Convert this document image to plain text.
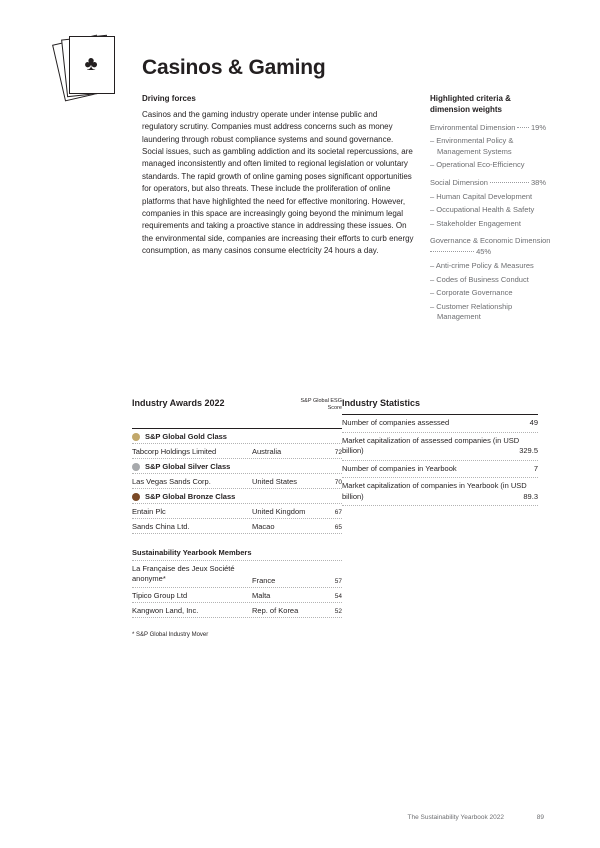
♣	Casinos & Gaming
Driving forces

Casinos and the gaming industry operate under intense public and regulatory scrutiny. Companies must address concerns such as money laundering through robust compliance systems and sound governance. Social issues, such as gambling addiction and its societal repercussions, are managed inconsistently and often limited to regional legislation or voluntary standards. The rapid growth of online gaming poses significant opportunities for operators, but also threats. These include the proliferation of online platforms that have highlighted the need for effective monitoring. However, companies in this space are increasingly going beyond the minimum legal requirements and taking a proactive stance in addressing these issues. On the environmental side, companies are increasing their efforts to curb energy consumption, as many casinos consume electricity 24 hours a day.

Highlighted criteria & dimension weights
Environmental Dimension 19%
– Environmental Policy & Management Systems
– Operational Eco-Efficiency
Social Dimension	38%
– Human Capital Development
– Occupational Health & Safety
– Stakeholder Engagement
Governance & Economic Dimension  45%
– Anti-crime Policy & Measures
– Codes of Business Conduct
– Corporate Governance
– Customer Relationship Management
Industry Awards 2022	S&P Global ESG Score
S&P Global Gold Class
Tabcorp Holdings Limited	Australia	72
S&P Global Silver Class
Las Vegas Sands Corp.	United States	70
S&P Global Bronze Class
Entain Plc	United Kingdom	67
Sands China Ltd.	Macao	65
Sustainability Yearbook Members
La Française des Jeux Société anonyme*	France	57
Tipico Group Ltd	Malta	54
Kangwon Land, Inc.	Rep. of Korea	52
* S&P Global Industry Mover
Industry Statistics
Number of companies assessed	49
Market capitalization of assessed companies (in USD billion)	329.5
Number of companies in Yearbook	7
Market capitalization of companies in Yearbook (in USD billion)	89.3
The Sustainability Yearbook 2022	89
